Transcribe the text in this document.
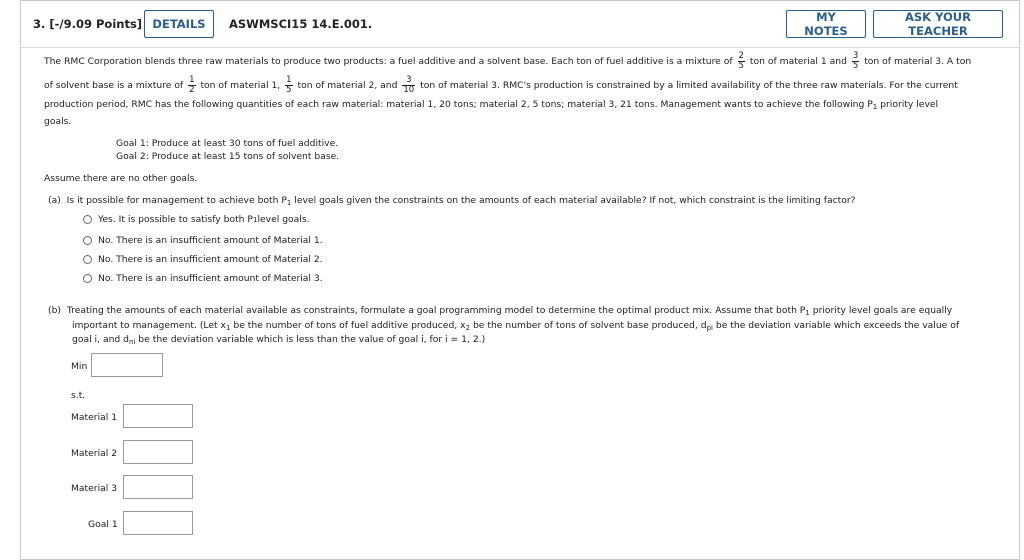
3. [-/9.09 Points] DETAILS	ASWMSCI15 14.E.001.	MY NOTES
ASK YOUR TEACHER
The RMC Corporation blends three raw materials to produce two products: a fuel additive and a solvent base. Each ton of fuel additive is a mixture of $\frac{2}{5}$ ton of material 1 and $\frac{3}{5}$ ton of material 3. A ton
of solvent base is a mixture of $\frac{1}{2}$ ton of material 1, $\frac{1}{5}$ ton of material 2, and $\frac{3}{10}$ ton of material 3. RMC's production is constrained by a limited availability of the three raw materials. For the current
production period, RMC has the following quantities of each raw material: material 1, 20 tons; material 2, 5 tons; material 3, 21 tons. Management wants to achieve the following $P_1$ priority level
goals.
Goal 1: Produce at least 30 tons of fuel additive.
Goal 2: Produce at least 15 tons of solvent base.
Assume there are no other goals.
(a) Is it possible for management to achieve both $P_1$ level goals given the constraints on the amounts of each material available? If not, which constraint is the limiting factor?
Yes. It is possible to satisfy both P 1 level goals.
No. There is an insufficient amount of Material 1.
No. There is an insufficient amount of Material 2.
No. There is an insufficient amount of Material 3.
(b) Treating the amounts of each material available as constraints, formulate a goal programming model to determine the optimal product mix. Assume that both $P_1$ priority level goals are equally
important to management. (Let $x_1$ be the number of tons of fuel additive produced, $x_2$ be the number of tons of solvent base produced, $d_{pi}$ be the deviation variable which exceeds the value of
goal i, and $d_{ni}$ be the deviation variable which is less than the value of goal i, for i = 1, 2.)
Min
s.t.
Material 1
Material 2
Material 3
Goal 1
